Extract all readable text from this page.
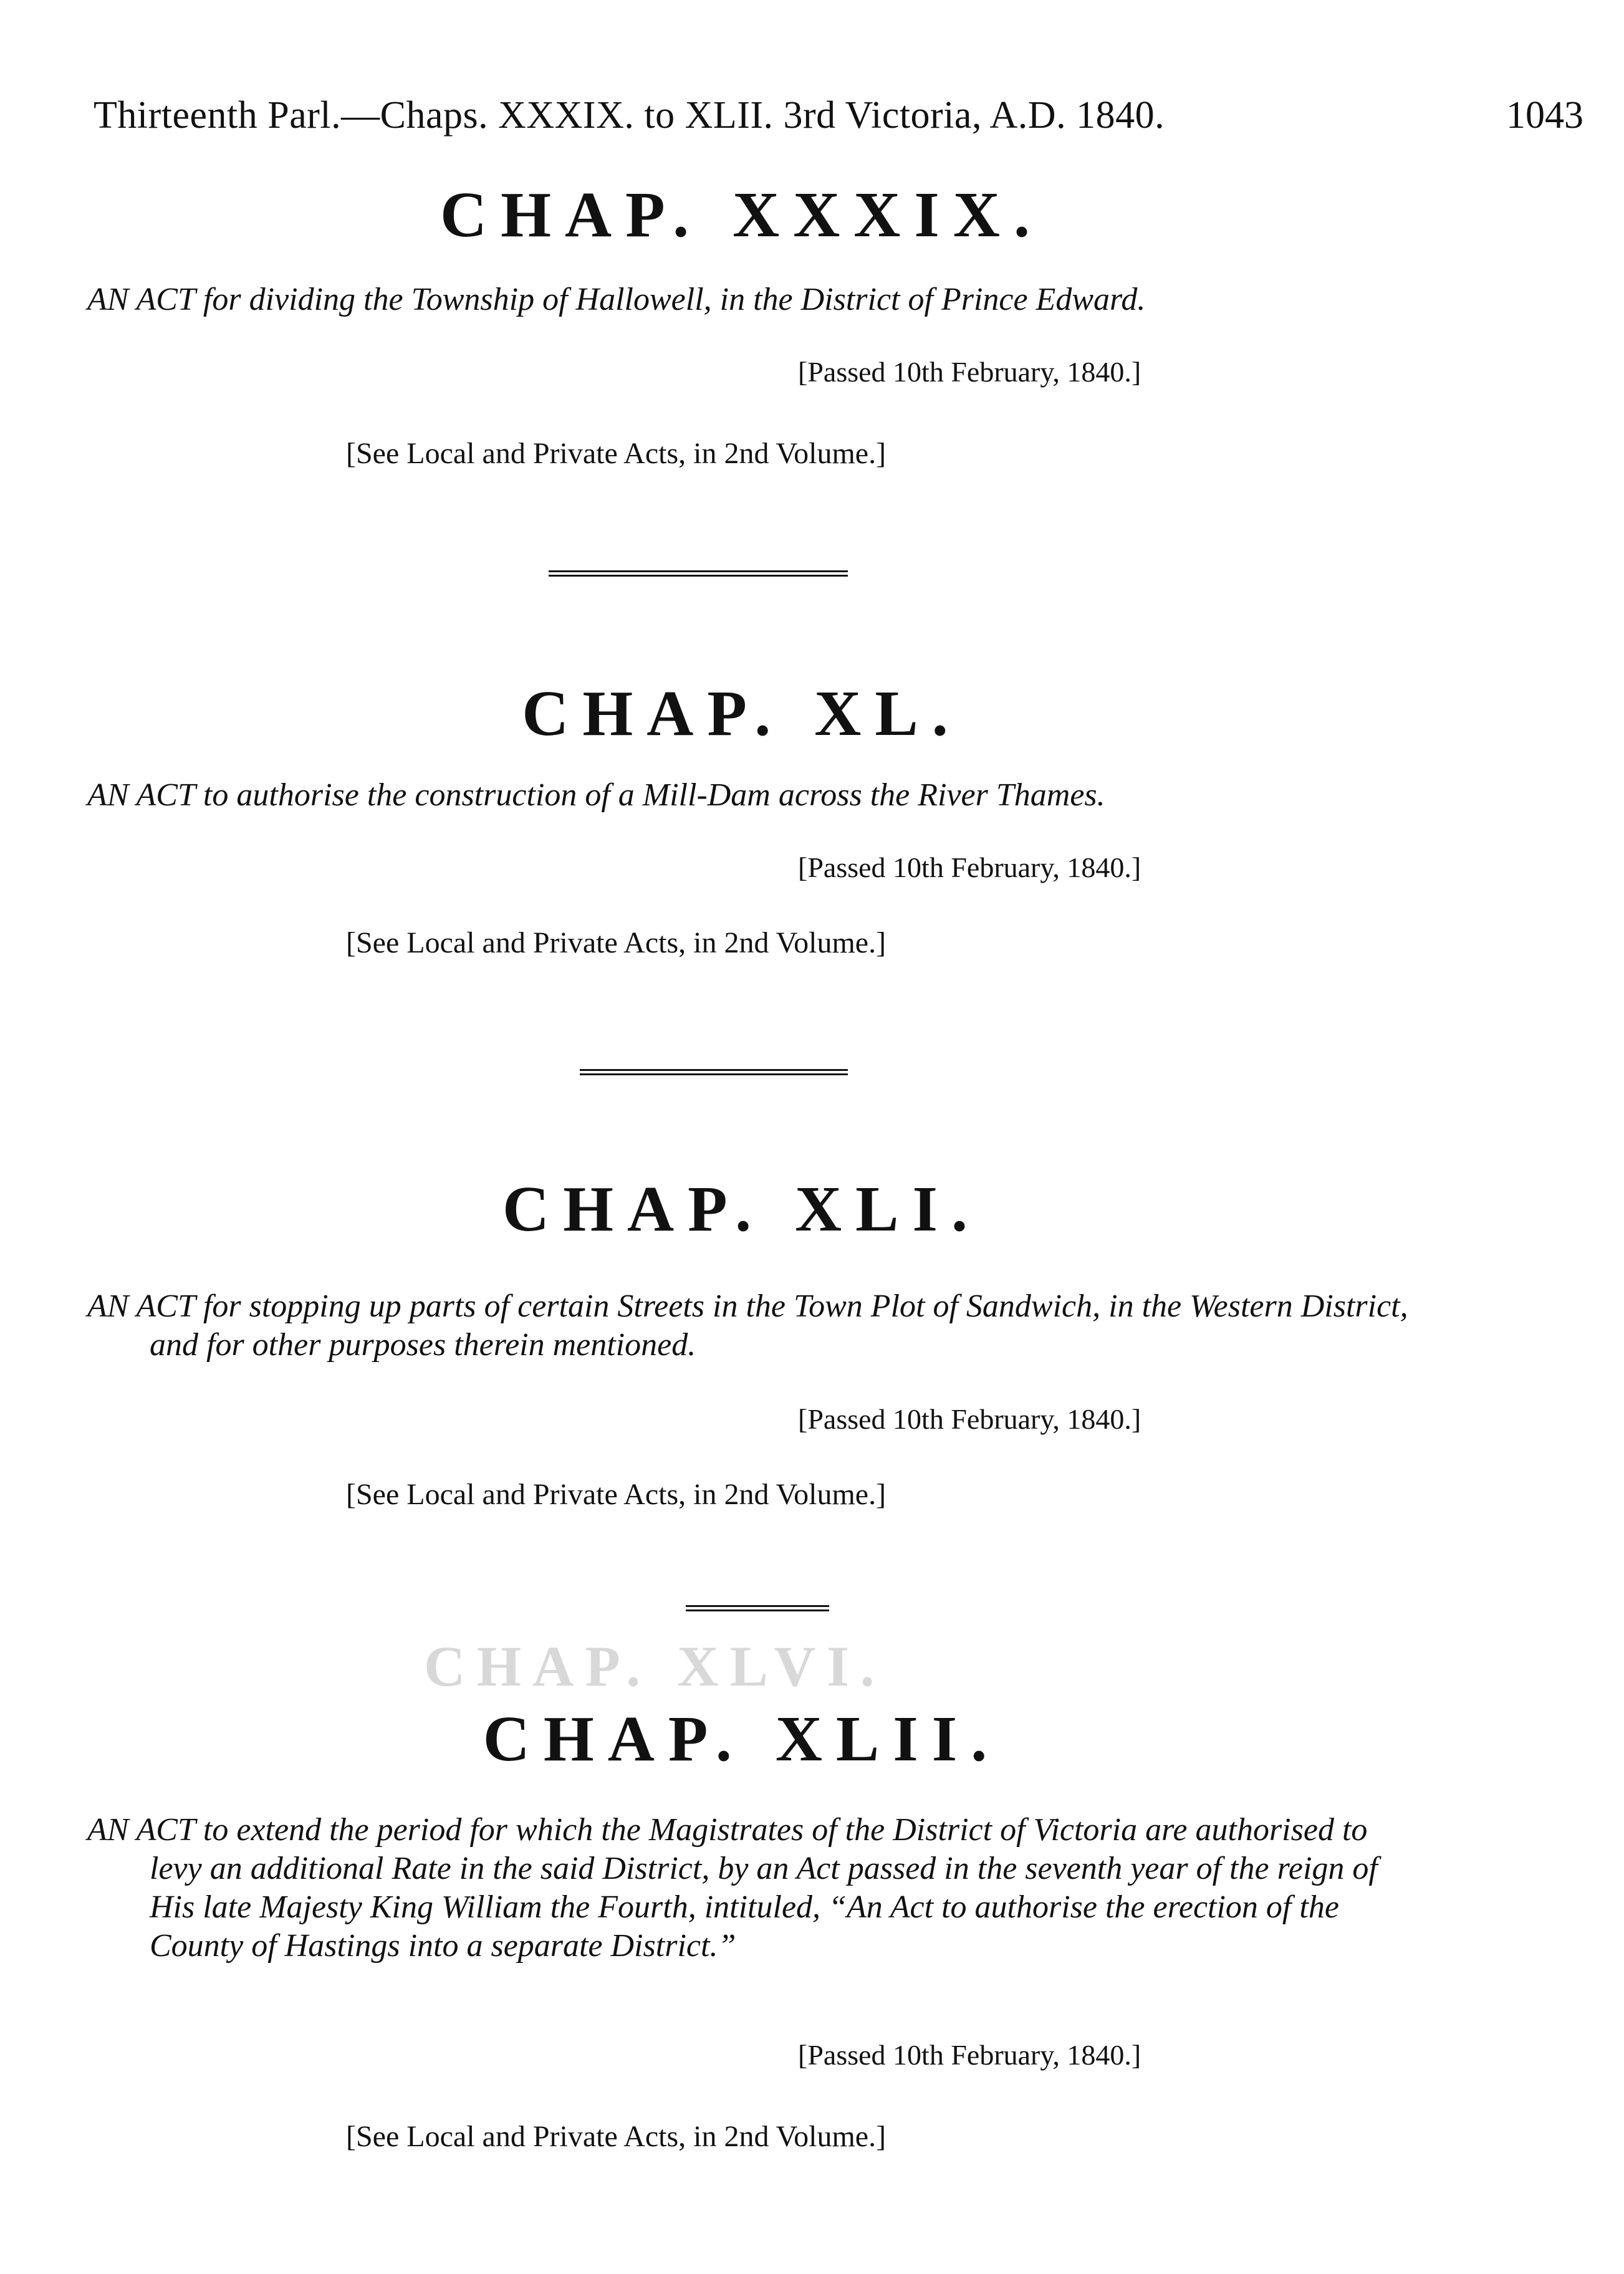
Thirteenth Parl.—Chaps. XXXIX. to XLII. 3rd Victoria, A.D. 1840.	1043
CHAP. XXXIX.
AN ACT for dividing the Township of Hallowell, in the District of Prince Edward.
[Passed 10th February, 1840.]
[See Local and Private Acts, in 2nd Volume.]
CHAP. XL.
AN ACT to authorise the construction of a Mill-Dam across the River Thames.
[Passed 10th February, 1840.]
[See Local and Private Acts, in 2nd Volume.]
CHAP. XLI.
AN ACT for stopping up parts of certain Streets in the Town Plot of Sandwich, in the Western District, and for other purposes therein mentioned.
[Passed 10th February, 1840.]
[See Local and Private Acts, in 2nd Volume.]
CHAP. XLVI.
CHAP. XLII.
AN ACT to extend the period for which the Magistrates of the District of Victoria are authorised to levy an additional Rate in the said District, by an Act passed in the seventh year of the reign of His late Majesty King William the Fourth, intituled, “An Act to authorise the erection of the County of Hastings into a separate District.”
[Passed 10th February, 1840.]
[See Local and Private Acts, in 2nd Volume.]
